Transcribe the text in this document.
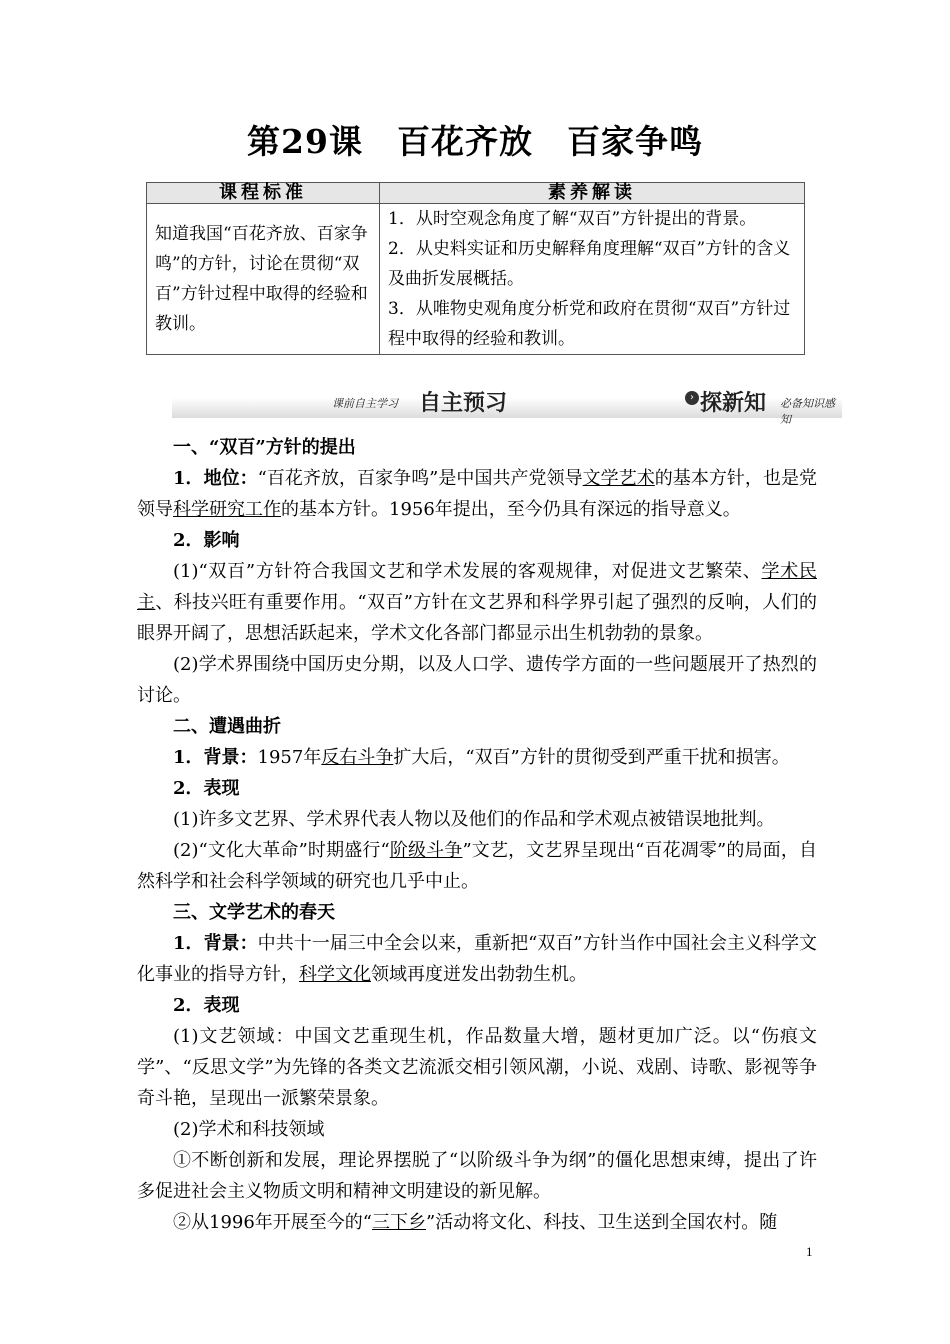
第29课　百花齐放　百家争鸣
课程标准	素养解读
知道我国“百花齐放、百家争鸣”的方针，讨论在贯彻“双百”方针过程中取得的经验和教训。	1．从时空观念角度了解“双百”方针提出的背景。
2．从史料实证和历史解释角度理解“双百”方针的含义及曲折发展概括。
3．从唯物史观角度分析党和政府在贯彻“双百”方针过程中取得的经验和教训。
课前自主学习 自主预习	› 探新知 必备知识感知

一、“双百”方针的提出

1．地位：“百花齐放，百家争鸣”是中国共产党领导文学艺术的基本方针，也是党领导科学研究工作的基本方针。1956年提出，至今仍具有深远的指导意义。

2．影响

(1)“双百”方针符合我国文艺和学术发展的客观规律，对促进文艺繁荣、学术民主、科技兴旺有重要作用。“双百”方针在文艺界和科学界引起了强烈的反响，人们的眼界开阔了，思想活跃起来，学术文化各部门都显示出生机勃勃的景象。

(2)学术界围绕中国历史分期，以及人口学、遗传学方面的一些问题展开了热烈的讨论。

二、遭遇曲折

1．背景：1957年反右斗争扩大后，“双百”方针的贯彻受到严重干扰和损害。

2．表现

(1)许多文艺界、学术界代表人物以及他们的作品和学术观点被错误地批判。

(2)“文化大革命”时期盛行“阶级斗争”文艺，文艺界呈现出“百花凋零”的局面，自然科学和社会科学领域的研究也几乎中止。

三、文学艺术的春天

1．背景：中共十一届三中全会以来，重新把“双百”方针当作中国社会主义科学文化事业的指导方针，科学文化领域再度迸发出勃勃生机。

2．表现

(1)文艺领域：中国文艺重现生机，作品数量大增，题材更加广泛。以“伤痕文学”、“反思文学”为先锋的各类文艺流派交相引领风潮，小说、戏剧、诗歌、影视等争奇斗艳，呈现出一派繁荣景象。

(2)学术和科技领域

①不断创新和发展，理论界摆脱了“以阶级斗争为纲”的僵化思想束缚，提出了许多促进社会主义物质文明和精神文明建设的新见解。

②从1996年开展至今的“三下乡”活动将文化、科技、卫生送到全国农村。随

1
